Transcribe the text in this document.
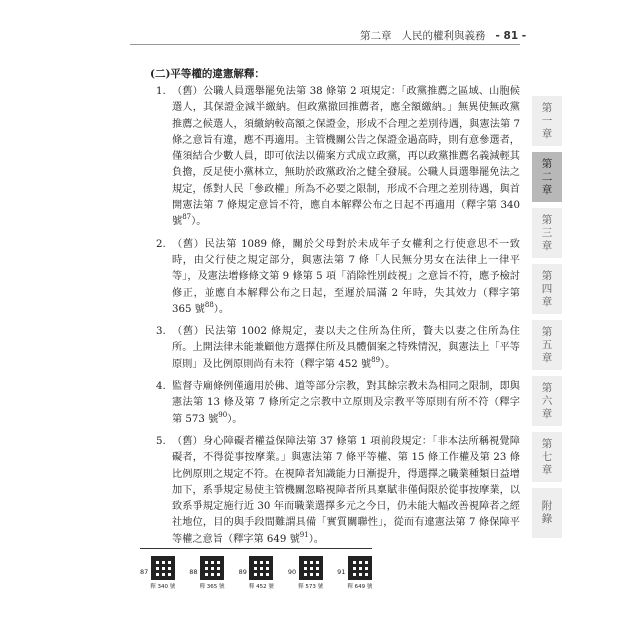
第二章 人民的權利與義務 - 81 -
(二)平等權的違憲解釋：
1. （舊）公職人員選舉罷免法第 38 條第 2 項規定：「政黨推薦之區域、山胞候選人，其保證金減半繳納。但政黨撤回推薦者，應全額繳納。」無異使無政黨推薦之候選人，須繳納較高額之保證金，形成不合理之差別待遇，與憲法第 7 條之意旨有違，應不再適用。主管機關公告之保證金過高時，則有意參選者，僅須結合少數人員，即可依法以備案方式成立政黨，再以政黨推薦名義減輕其負擔，反足使小黨林立，無助於政黨政治之健全發展。公職人員選舉罷免法之規定，係對人民「參政權」所為不必要之限制，形成不合理之差別待遇，與首開憲法第 7 條規定意旨不符，應自本解釋公布之日起不再適用（釋字第 340 號$^{87}$）。
2. （舊）民法第 1089 條，關於父母對於未成年子女權利之行使意思不一致時，由父行使之規定部分，與憲法第 7 條「人民無分男女在法律上一律平等」，及憲法增修條文第 9 條第 5 項「消除性別歧視」之意旨不符，應予檢討修正，並應自本解釋公布之日起，至遲於屆滿 2 年時，失其效力（釋字第 365 號$^{88}$）。
3. （舊）民法第 1002 條規定，妻以夫之住所為住所，贅夫以妻之住所為住所。上開法律未能兼顧他方選擇住所及具體個案之特殊情況，與憲法上「平等原則」及比例原則尚有未符（釋字第 452 號$^{89}$）。
4. 監督寺廟條例僅適用於佛、道等部分宗教，對其餘宗教未為相同之限制，即與憲法第 13 條及第 7 條所定之宗教中立原則及宗教平等原則有所不符（釋字第 573 號$^{90}$）。
5. （舊）身心障礙者權益保障法第 37 條第 1 項前段規定：「非本法所稱視覺障礙者，不得從事按摩業。」與憲法第 7 條平等權、第 15 條工作權及第 23 條比例原則之規定不符。在視障者知識能力日漸提升，得選擇之職業種類日益增加下，系爭規定易使主管機關忽略視障者所具稟賦非僅侷限於從事按摩業，以致系爭規定施行近 30 年而職業選擇多元之今日，仍未能大幅改善視障者之經社地位，目的與手段間難謂具備「實質關聯性」，從而有違憲法第 7 條保障平等權之意旨（釋字第 649 號$^{91}$）。
第
一
章
第
二
章
第
三
章
第
四
章
第
五
章
第
六
章
第
七
章
附
錄
87
釋 340 號
88
釋 365 號
89
釋 452 號
90
釋 573 號
91
釋 649 號
